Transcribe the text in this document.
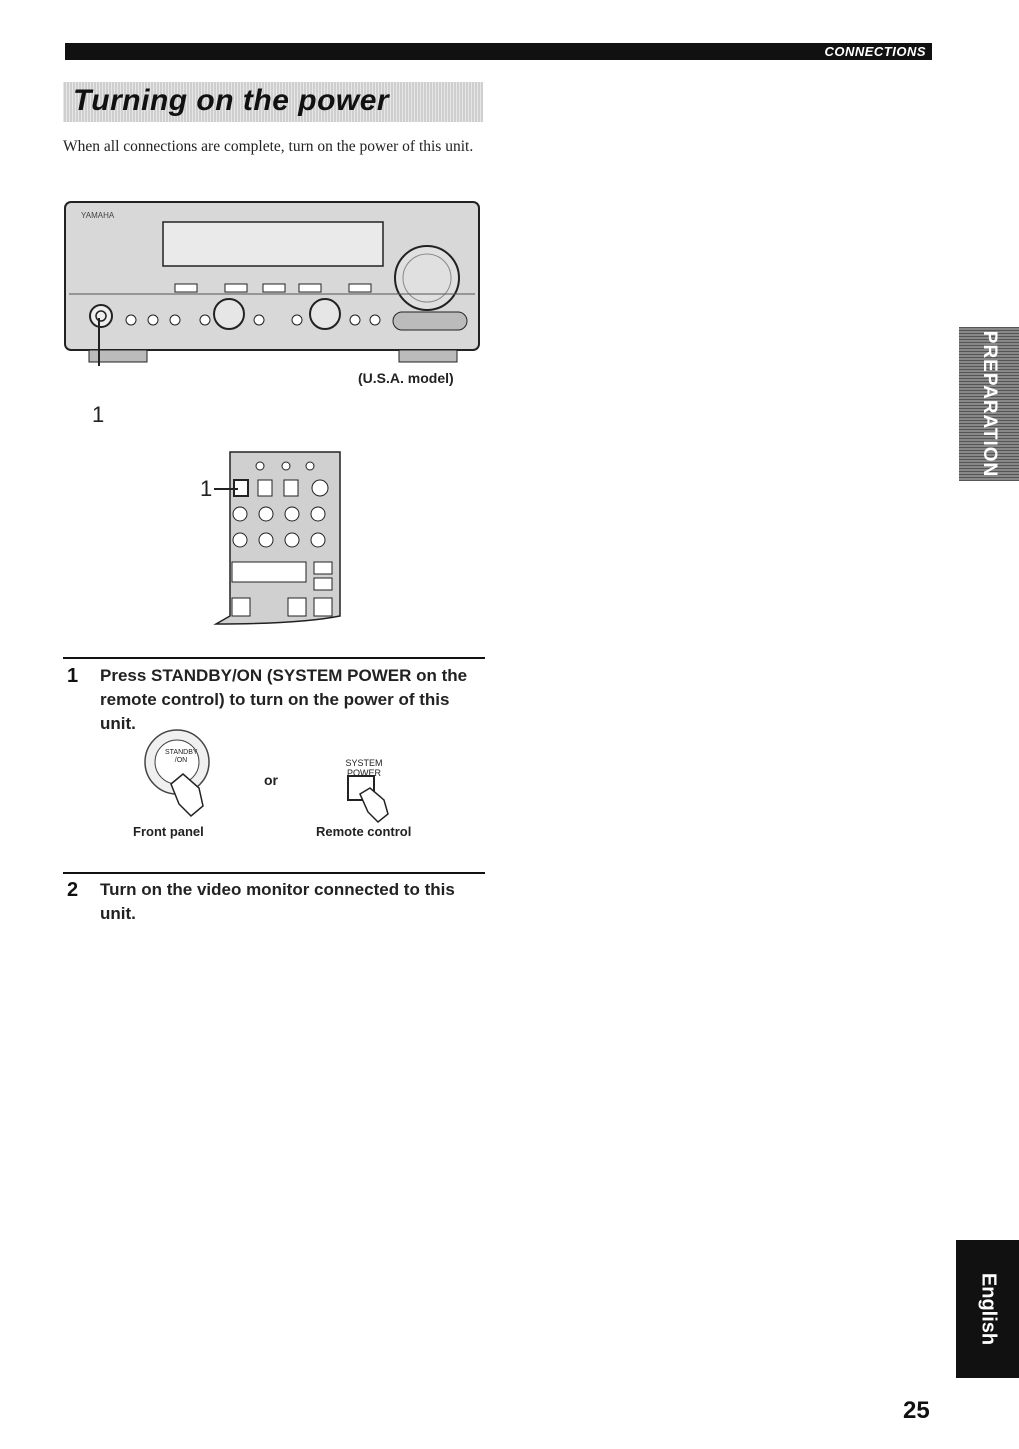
CONNECTIONS
Turning on the power
When all connections are complete, turn on the power of this unit.
YAMAHA
(U.S.A. model)
1
1
1 Press STANDBY/ON (SYSTEM POWER on the remote control) to turn on the power of this unit.
STANDBY /ON
or
SYSTEM POWER
Front panel	Remote control
2 Turn on the video monitor connected to this unit.
PREPARATION
English
25
